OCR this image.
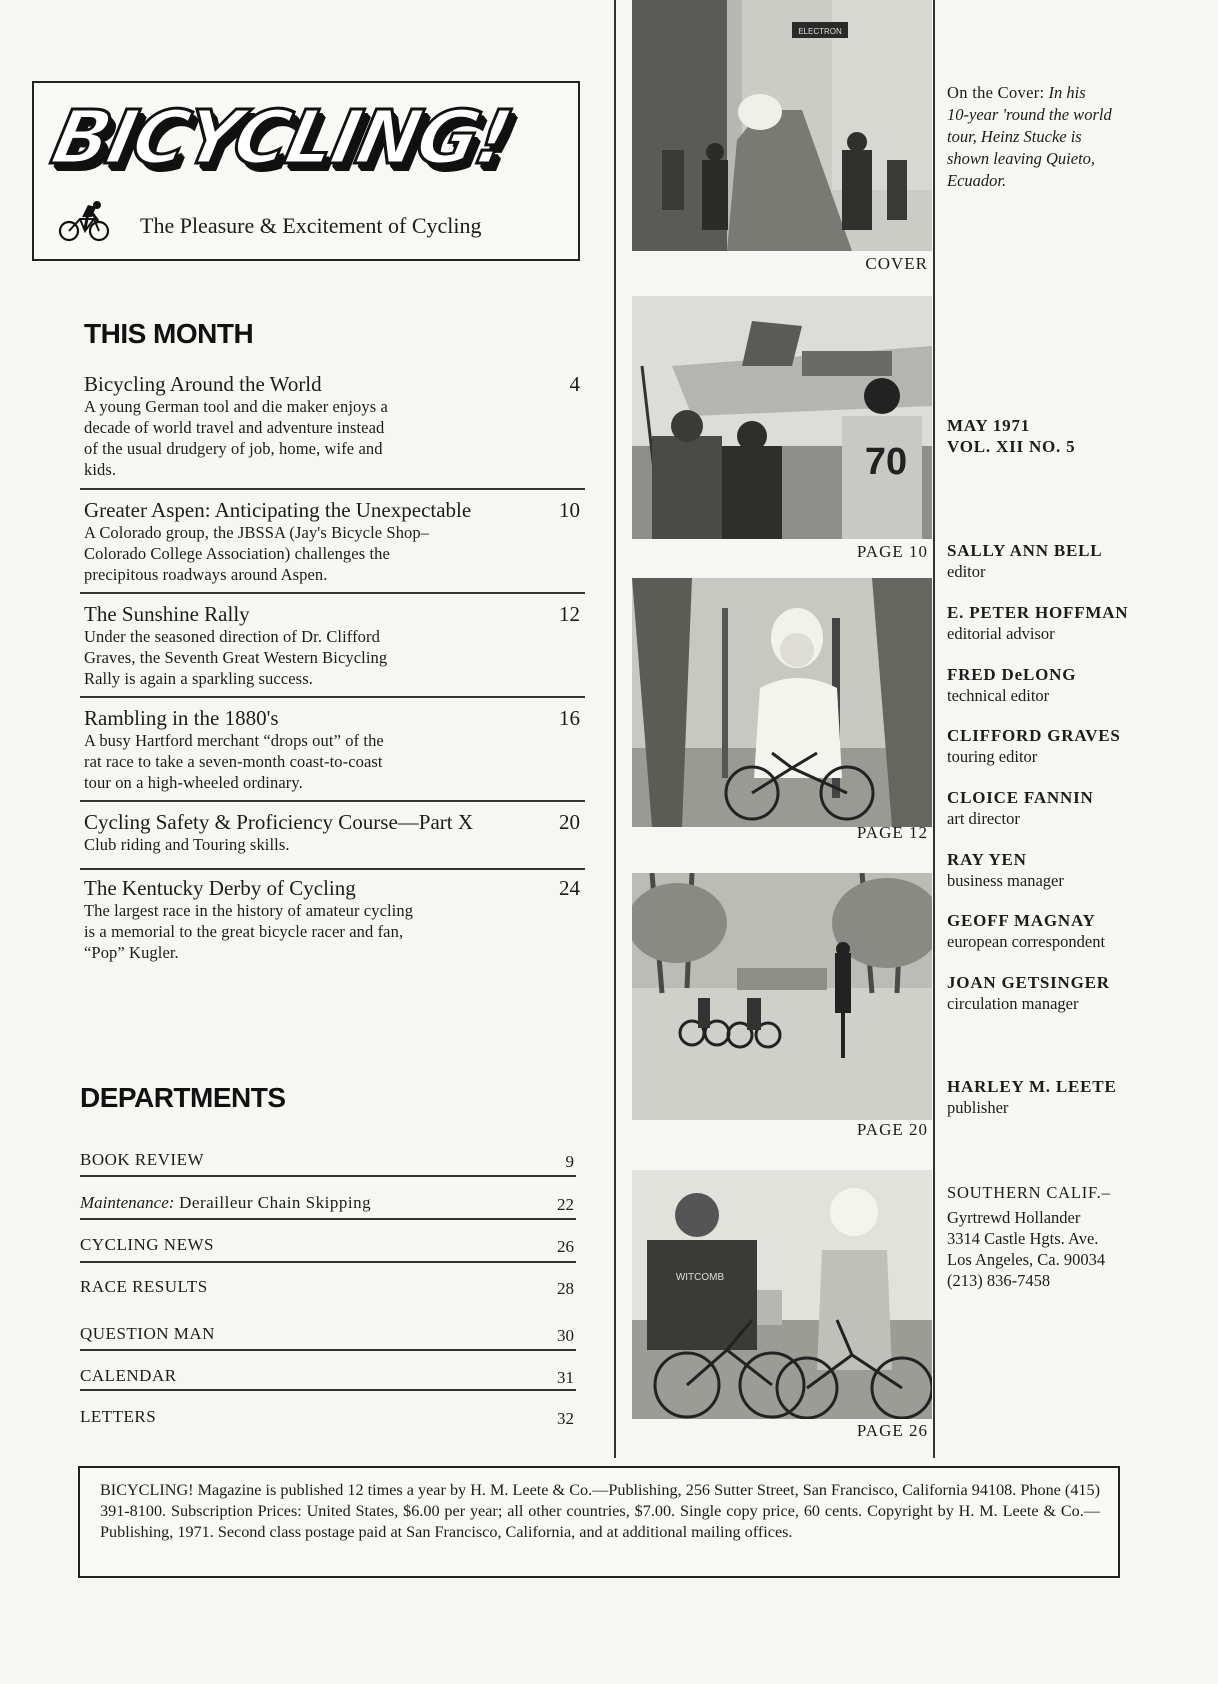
BICYCLING!
The Pleasure & Excitement of Cycling
THIS MONTH
Bicycling Around the World	4
A young German tool and die maker enjoys a
decade of world travel and adventure instead
of the usual drudgery of job, home, wife and
kids.
Greater Aspen: Anticipating the Unexpectable	10
A Colorado group, the JBSSA (Jay's Bicycle Shop–
Colorado College Association) challenges the
precipitous roadways around Aspen.
The Sunshine Rally	12
Under the seasoned direction of Dr. Clifford
Graves, the Seventh Great Western Bicycling
Rally is again a sparkling success.
Rambling in the 1880's	16
A busy Hartford merchant “drops out” of the
rat race to take a seven-month coast-to-coast
tour on a high-wheeled ordinary.
Cycling Safety & Proficiency Course—Part X	20
Club riding and Touring skills.
The Kentucky Derby of Cycling	24
The largest race in the history of amateur cycling
is a memorial to the great bicycle racer and fan,
“Pop” Kugler.
DEPARTMENTS
BOOK REVIEW	9
Maintenance: Derailleur Chain Skipping	22
CYCLING NEWS	26
RACE RESULTS	28
QUESTION MAN	30
CALENDAR	31
LETTERS	32
ELECTRON
COVER
70
PAGE 10
PAGE 12
PAGE 20
WITCOMB
PAGE 26
On the Cover: In his
10-year 'round the world
tour, Heinz Stucke is
shown leaving Quieto,
Ecuador.
MAY 1971
VOL. XII NO. 5
SALLY ANN BELL
editor
E. PETER HOFFMAN
editorial advisor
FRED DeLONG
technical editor
CLIFFORD GRAVES
touring editor
CLOICE FANNIN
art director
RAY YEN
business manager
GEOFF MAGNAY
european correspondent
JOAN GETSINGER
circulation manager
HARLEY M. LEETE
publisher
SOUTHERN CALIF.–
Gyrtrewd Hollander
3314 Castle Hgts. Ave.
Los Angeles, Ca. 90034
(213) 836-7458
BICYCLING! Magazine is published 12 times a year by H. M. Leete & Co.—Publishing, 256 Sutter Street, San Francisco, California 94108. Phone (415) 391-8100. Subscription Prices: United States, $6.00 per year; all other countries, $7.00. Single copy price, 60 cents. Copyright by H. M. Leete & Co.—Publishing, 1971. Second class postage paid at San Francisco, California, and at additional mailing offices.
